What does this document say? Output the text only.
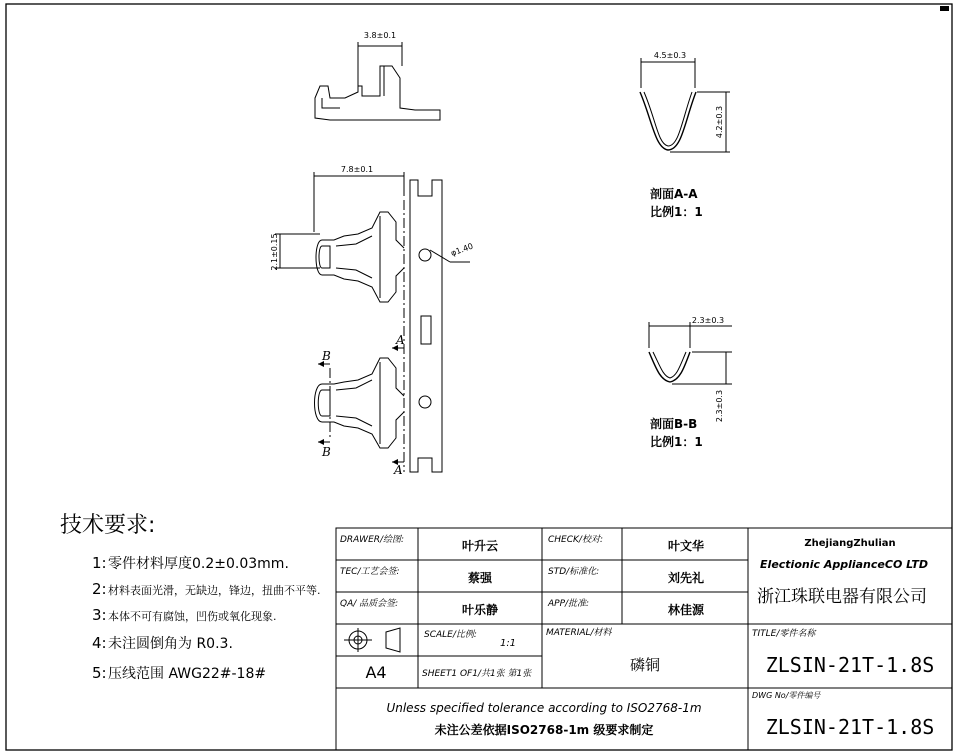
3.8±0.1
7.8±0.1
2.1±0.15	φ1.40
A
A
B
B
4.5±0.3
4.2±0.3
剖面A-A
比例1：1
2.3±0.3
2.3±0.3
剖面B-B
比例1：1
技术要求:
1: 零件材料厚度0.2±0.03mm.
2: 材料表面光滑，无缺边，锋边，扭曲不平等.
3: 本体不可有腐蚀，凹伤或氧化现象.
4: 未注圆倒角为 R0.3.
5: 压线范围 AWG22#-18#
DRAWER/绘图:	叶升云	CHECK/校对:	叶文华
TEC/工艺会签:	蔡强	STD/标准化:	刘先礼
QA/ 品质会签:	叶乐静	APP/批准:	林佳源
SCALE/比例:
1:1
A4	SHEET1 OF1/共1张 第1张
MATERIAL/材料
磷铜
ZhejiangZhulian
Electionic ApplianceCO LTD
浙江珠联电器有限公司
TITLE/零件名称
ZLSIN-21T-1.8S
DWG No/零件编号
ZLSIN-21T-1.8S
Unless specified tolerance according to ISO2768-1m
未注公差依据ISO2768-1m 级要求制定
